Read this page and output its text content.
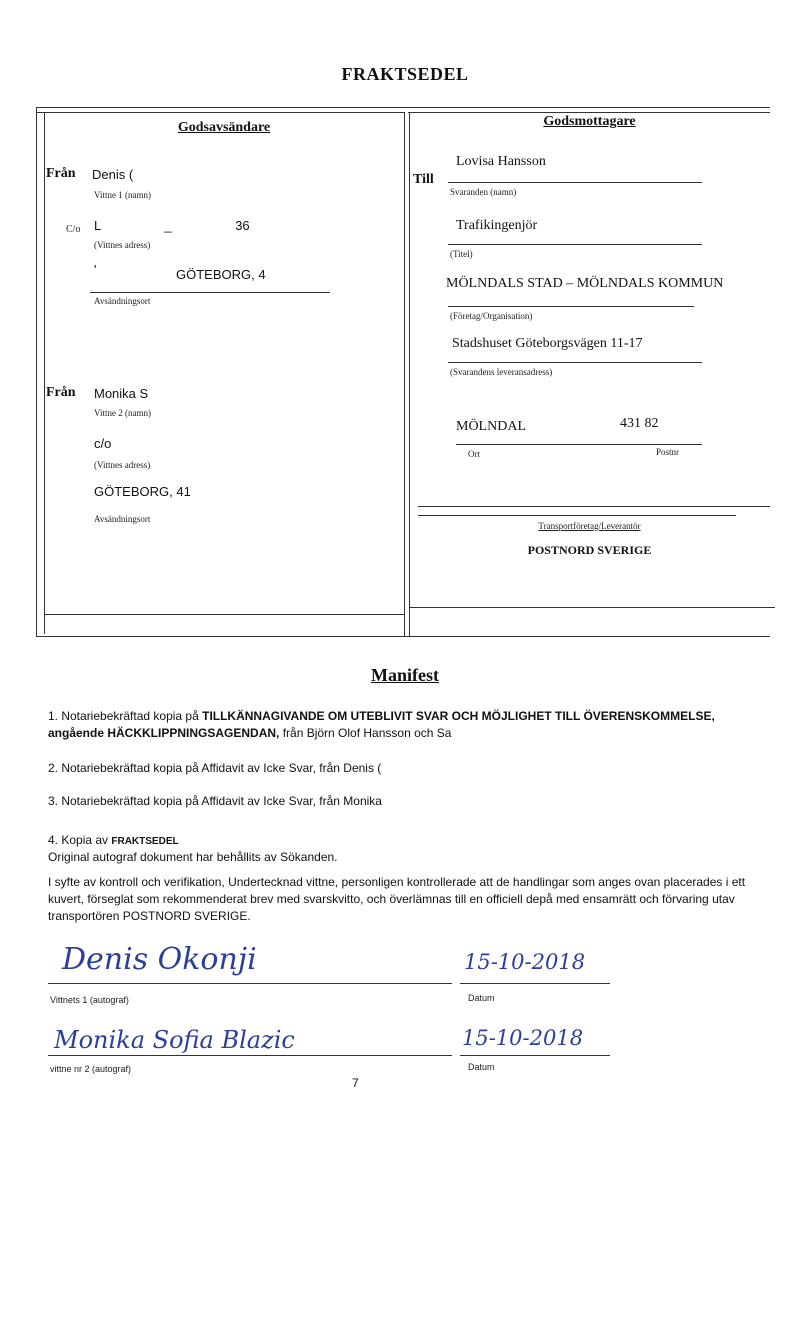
FRAKTSEDEL
Godsavsändare
Från Denis (
Vittne 1 (namn)
C/o L _ 36
(Vittnes adress)
'	GÖTEBORG, 4
Avsändningsort
Från Monika S
Vittne 2 (namn)
c/o
(Vittnes adress)
GÖTEBORG, 41
Avsändningsort
Godsmottagare
Lovisa Hansson
Till
Svaranden (namn)
Trafikingenjör
(Titel)
MÖLNDALS STAD – MÖLNDALS KOMMUN
(Företag/Organisation)
Stadshuset Göteborgsvägen 11-17
(Svarandens leveransadress)
MÖLNDAL	431 82
Ort	Postnr
Transportföretag/Leverantör
POSTNORD SVERIGE
Manifest
1. Notariebekräftad kopia på TILLKÄNNAGIVANDE OM UTEBLIVIT SVAR OCH MÖJLIGHET TILL ÖVERENSKOMMELSE, angående HÄCKKLIPPNINGSAGENDAN, från Björn Olof Hansson och Sa
2. Notariebekräftad kopia på Affidavit av Icke Svar, från Denis (
3. Notariebekräftad kopia på Affidavit av Icke Svar, från Monika
4. Kopia av FRAKTSEDEL
Original autograf dokument har behållits av Sökanden.
I syfte av kontroll och verifikation, Undertecknad vittne, personligen kontrollerade att de handlingar som anges ovan placerades i ett kuvert, förseglat som rekommenderat brev med svarskvitto, och överlämnas till en officiell depå med ensamrätt och förvaring utav transportören POSTNORD SVERIGE.
Denis Okonji
Vittnets 1 (autograf)
15-10-2018
Datum
Monika Sofia Blazic
vittne nr 2 (autograf)
15-10-2018
Datum
7
